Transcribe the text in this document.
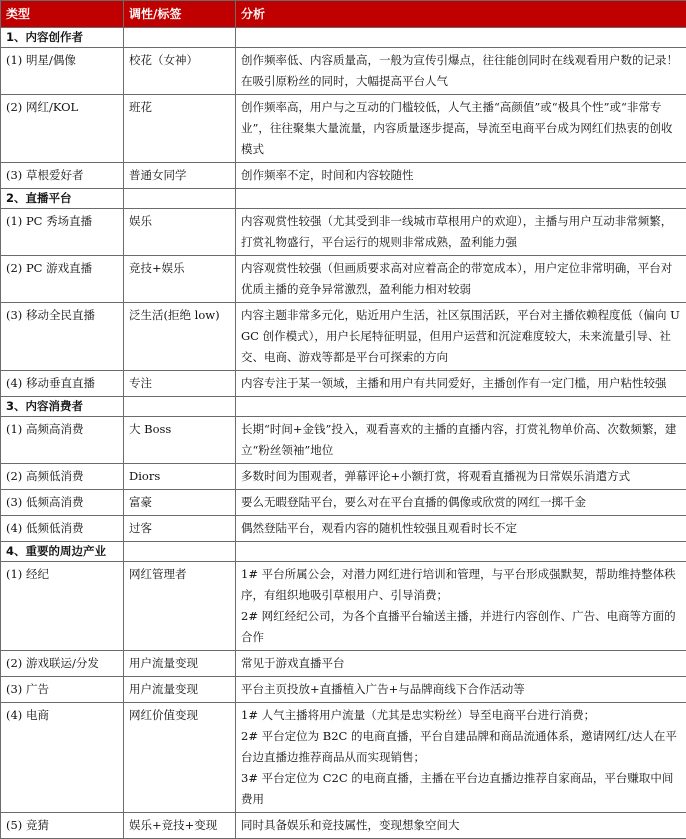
类型	调性/标签	分析
1、内容创作者		
(1) 明星/偶像	校花（女神）	创作频率低、内容质量高，一般为宣传引爆点，往往能创同时在线观看用户数的记录！在吸引原粉丝的同时，大幅提高平台人气

(2) 网红/KOL	班花	创作频率高，用户与之互动的门槛较低，人气主播“高颜值”或“极具个性”或“非常专业”，往往聚集大量流量，内容质量逐步提高，导流至电商平台成为网红们热衷的创收模式

(3) 草根爱好者	普通女同学	创作频率不定，时间和内容较随性

2、直播平台		
(1) PC 秀场直播	娱乐	内容观赏性较强（尤其受到非一线城市草根用户的欢迎），主播与用户互动非常频繁，打赏礼物盛行，平台运行的规则非常成熟，盈利能力强

(2) PC 游戏直播	竞技+娱乐	内容观赏性较强（但画质要求高对应着高企的带宽成本），用户定位非常明确，平台对优质主播的竞争异常激烈，盈利能力相对较弱

(3) 移动全民直播	泛生活(拒绝 low)	内容主题非常多元化，贴近用户生活，社区氛围活跃，平台对主播依赖程度低（偏向 UGC 创作模式），用户长尾特征明显，但用户运营和沉淀难度较大，未来流量引导、社交、电商、游戏等都是平台可探索的方向

(4) 移动垂直直播	专注	内容专注于某一领域，主播和用户有共同爱好，主播创作有一定门槛，用户粘性较强

3、内容消费者		
(1) 高频高消费	大 Boss	长期“时间+金钱”投入，观看喜欢的主播的直播内容，打赏礼物单价高、次数频繁，建立“粉丝领袖”地位

(2) 高频低消费	Diors	多数时间为围观者，弹幕评论+小额打赏，将观看直播视为日常娱乐消遣方式

(3) 低频高消费	富豪	要么无暇登陆平台，要么对在平台直播的偶像或欣赏的网红一掷千金

(4) 低频低消费	过客	偶然登陆平台，观看内容的随机性较强且观看时长不定

4、重要的周边产业		
(1) 经纪	网红管理者	1# 平台所属公会，对潜力网红进行培训和管理，与平台形成强默契，帮助维持整体秩序，有组织地吸引草根用户、引导消费；
2# 网红经纪公司，为各个直播平台输送主播，并进行内容创作、广告、电商等方面的合作

(2) 游戏联运/分发	用户流量变现	常见于游戏直播平台

(3) 广告	用户流量变现	平台主页投放+直播植入广告+与品牌商线下合作活动等

(4) 电商	网红价值变现	1# 人气主播将用户流量（尤其是忠实粉丝）导至电商平台进行消费；
2# 平台定位为 B2C 的电商直播，平台自建品牌和商品流通体系，邀请网红/达人在平台边直播边推荐商品从而实现销售；
3# 平台定位为 C2C 的电商直播，主播在平台边直播边推荐自家商品，平台赚取中间费用

(5) 竞猜	娱乐+竞技+变现	同时具备娱乐和竞技属性，变现想象空间大
